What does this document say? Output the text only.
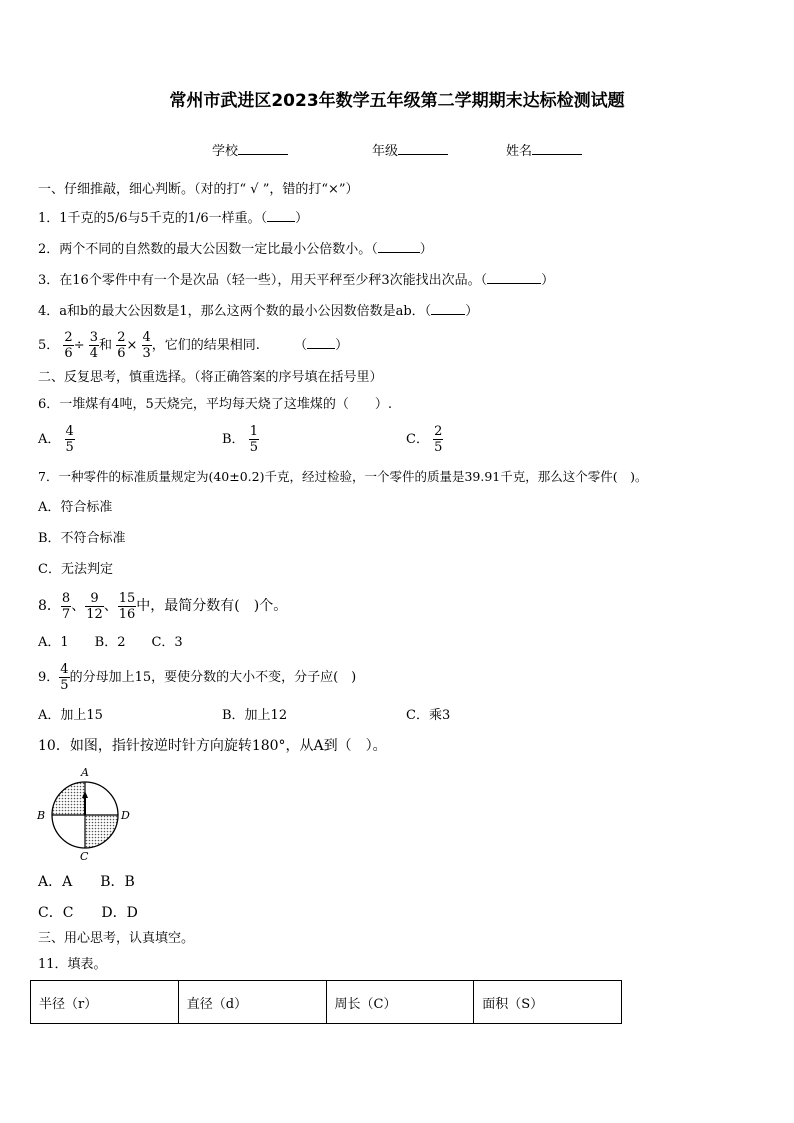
常州市武进区2023年数学五年级第二学期期末达标检测试题
学校	年级	姓名
一、仔细推敲，细心判断。（对的打“ √ ”，错的打“×”）
1．1千克的5/6与5千克的1/6一样重。（ ）
2．两个不同的自然数的最大公因数一定比最小公倍数小。（	）
3．在16个零件中有一个是次品（轻一些），用天平秤至少秤3次能找出次品。（	）
4．a和b的最大公因数是1，那么这两个数的最小公因数倍数是ab．（	）
5． $\frac{2}{6} \div \frac{3}{4}$ 和 $\frac{2}{6} \times \frac{4}{3}$ ，它们的结果相同.	（ ）
二、反复思考，慎重选择。（将正确答案的序号填在括号里）
6．一堆煤有4吨，5天烧完，平均每天烧了这堆煤的（　　）.
A． $\frac{4}{5}$	B． $\frac{1}{5}$	C． $\frac{2}{5}$
7．一种零件的标准质量规定为(40±0.2)千克，经过检验，一个零件的质量是39.91千克，那么这个零件(　)。
A．符合标准
B．不符合标准
C．无法判定
8． $\frac{8}{7}$ 、 $\frac{9}{12}$ 、 $\frac{15}{16}$ 中，最简分数有(　)个。
A．1　　B．2　　C．3
9． $\frac{4}{5}$ 的分母加上15，要使分数的大小不变，分子应(　)
A．加上15	B．加上12	C．乘3
10．如图，指针按逆时针方向旋转180°，从A到（　）。
A
B	D
C
A．A　　B．B
C．C　　D．D
三、用心思考，认真填空。
11．填表。
半径（r）	直径（d）	周长（C）	面积（S）
